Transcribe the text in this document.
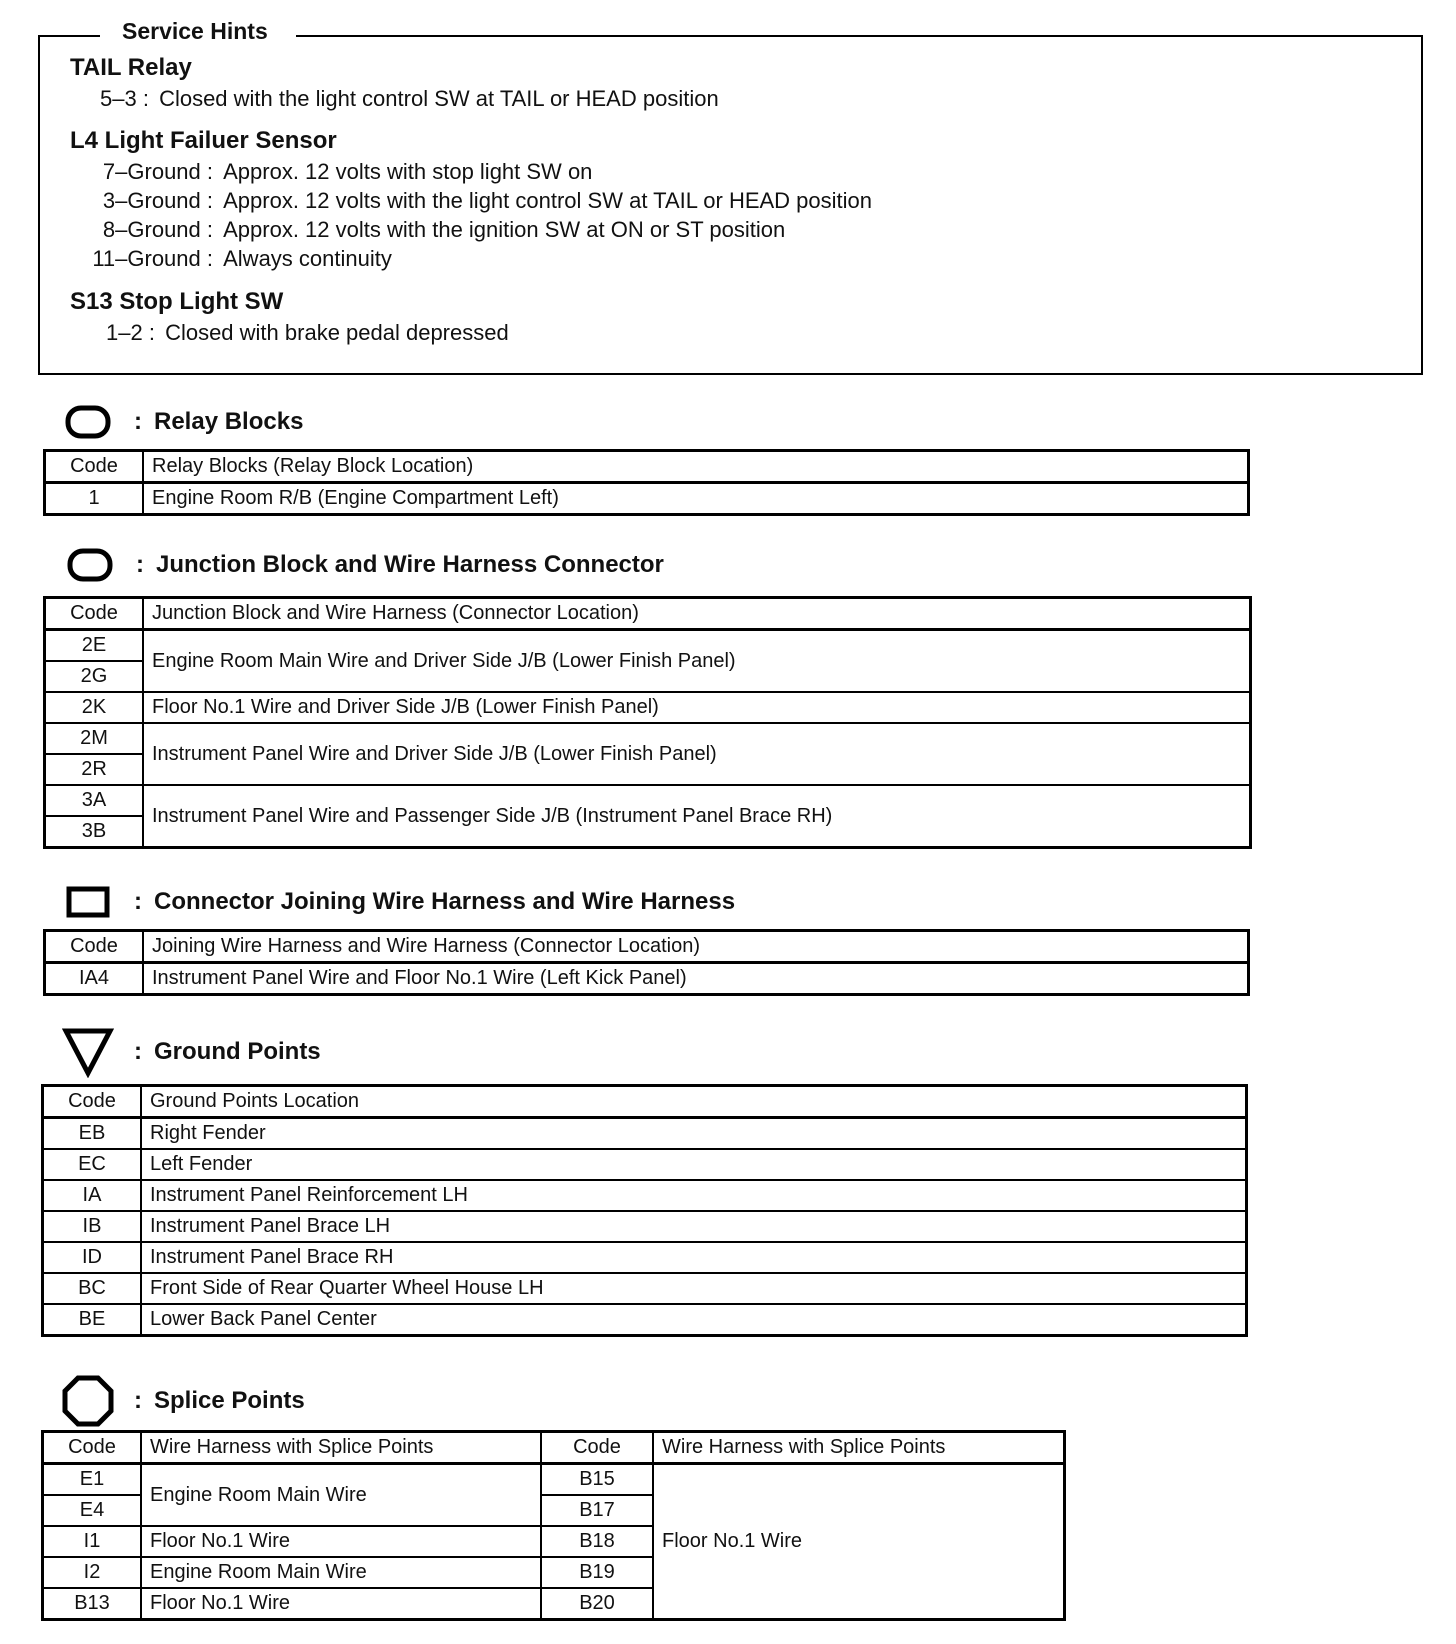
Service Hints
TAIL Relay
5–3 : Closed with the light control SW at TAIL or HEAD position
L4 Light Failuer Sensor
7–Ground : Approx. 12 volts with stop light SW on
3–Ground : Approx. 12 volts with the light control SW at TAIL or HEAD position
8–Ground : Approx. 12 volts with the ignition SW at ON or ST position
11–Ground : Always continuity
S13 Stop Light SW
1–2 : Closed with brake pedal depressed
: Relay Blocks
Code	Relay Blocks (Relay Block Location)
1	Engine Room R/B (Engine Compartment Left)
: Junction Block and Wire Harness Connector
Code	Junction Block and Wire Harness (Connector Location)
2E	Engine Room Main Wire and Driver Side J/B (Lower Finish Panel)
2G	
2K	Floor No.1 Wire and Driver Side J/B (Lower Finish Panel)
2M	Instrument Panel Wire and Driver Side J/B (Lower Finish Panel)
2R	
3A	Instrument Panel Wire and Passenger Side J/B (Instrument Panel Brace RH)
3B	
: Connector Joining Wire Harness and Wire Harness
Code	Joining Wire Harness and Wire Harness (Connector Location)
IA4	Instrument Panel Wire and Floor No.1 Wire (Left Kick Panel)
: Ground Points
Code	Ground Points Location
EB	Right Fender
EC	Left Fender
IA	Instrument Panel Reinforcement LH
IB	Instrument Panel Brace LH
ID	Instrument Panel Brace RH
BC	Front Side of Rear Quarter Wheel House LH
BE	Lower Back Panel Center
: Splice Points
Code	Wire Harness with Splice Points	Code	Wire Harness with Splice Points
E1	Engine Room Main Wire	B15	Floor No.1 Wire
E4		B17	
I1	Floor No.1 Wire	B18	
I2	Engine Room Main Wire	B19	
B13	Floor No.1 Wire	B20	
